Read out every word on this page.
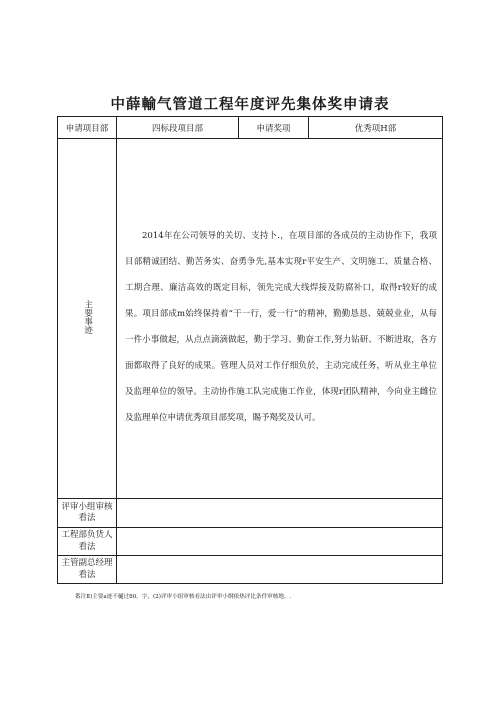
中薛輸气管道工程年度评先集体奖申请表
申请项目部	四标段项目部	申请奖项	优秀项H部
主要事迹	2014年在公司领导的关切、支持卜.，在项目部的各成员的主动协作下，我项目部精诚团结、勤苦务实、奋勇争先,基本实现r平安生产、文明施工、质量合格、工期合理、廉洁高效的既定目标，领先完成大线焊接及防腐补口，取得r较好的成果。项目部成m始终保持着“干一行，爱一行”的精神，勤勤恳恳、兢兢业业，从每一件小事做起，从点点滴滴做起，勤于学习、勤奋工作,努力钻研、不断进取，各方面都取得了良好的成果。管理人员对工作仔细负於，主动完成任务，听从业主单位及监理单位的领导。主动协作施工队完成施工作业，体现r团队精神，今向业主雌位及监理单位申请优秀项目部奖项，賜予羯奖及认可。		

评审小组审核看法			
工程部负货人看法			
主管副总经理看法			
番注Ⅱ)主要a迹不樋过80。字，(2)评审小组审核看法由评审小纲依热评比条件审核地。.
